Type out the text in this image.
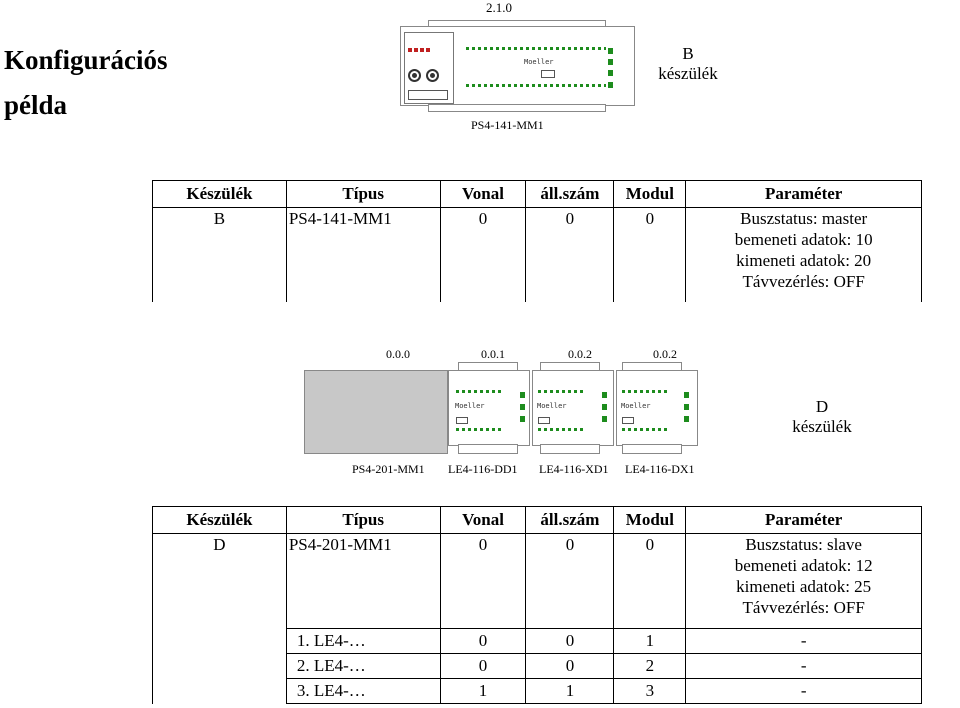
Konfigurációs
példa
2.1.0
Moeller
PS4-141-MM1
B
készülék
Készülék	Típus	Vonal	áll.szám	Modul	Paraméter
B	PS4-141-MM1	0	0	0	Buszstatus: master
bemeneti adatok: 10
kimeneti adatok: 20
Távvezérlés: OFF
0.0.0	0.0.1	0.0.2	0.0.2
Moeller	Moeller	Moeller
PS4-201-MM1 LE4-116-DD1 LE4-116-XD1 LE4-116-DX1
D
készülék
Készülék	Típus	Vonal	áll.szám	Modul	Paraméter
D	PS4-201-MM1	0	0	0	Buszstatus: slave
bemeneti adatok: 12
kimeneti adatok: 25
Távvezérlés: OFF

	1. LE4-…	0	0	1	-
	2. LE4-…	0	0	2	-
	3. LE4-…	1	1	3	-
